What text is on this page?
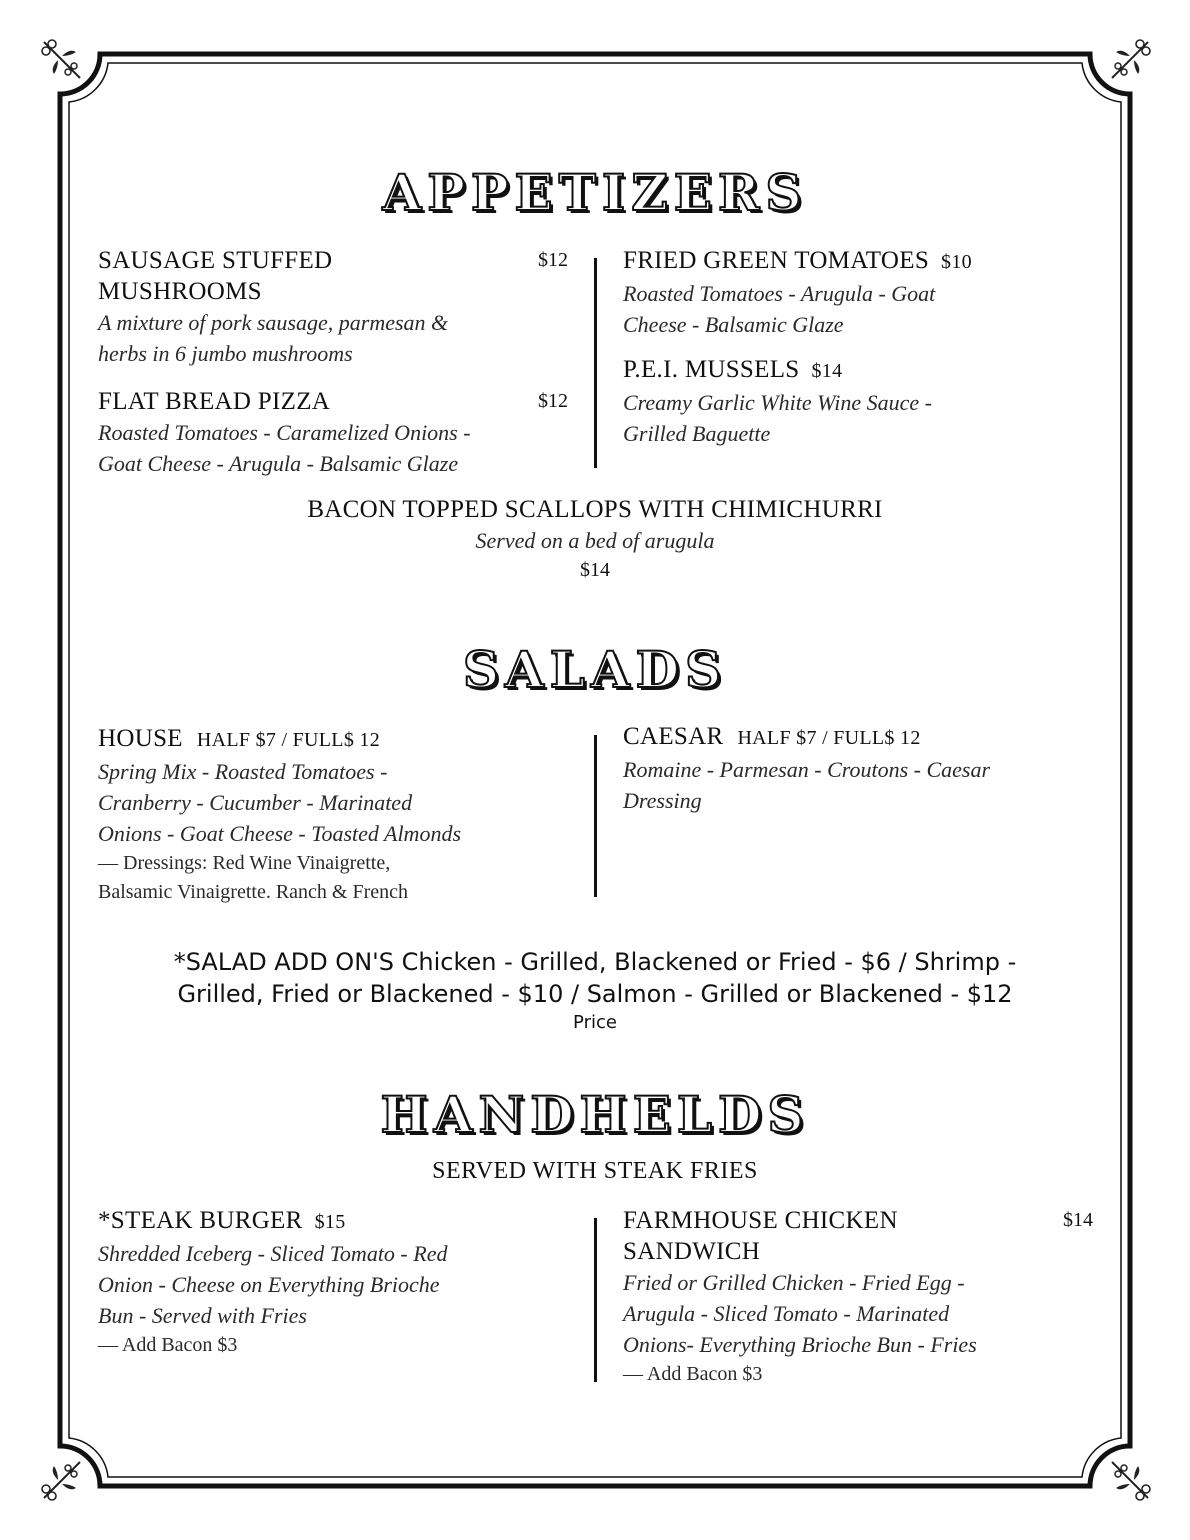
APPETIZERS
SAUSAGE STUFFED	$12
MUSHROOMS
A mixture of pork sausage, parmesan &
herbs in 6 jumbo mushrooms
FLAT BREAD PIZZA	$12
Roasted Tomatoes - Caramelized Onions -
Goat Cheese - Arugula - Balsamic Glaze
FRIED GREEN TOMATOES $10
Roasted Tomatoes - Arugula - Goat
Cheese - Balsamic Glaze
P.E.I. MUSSELS $14
Creamy Garlic White Wine Sauce -
Grilled Baguette
BACON TOPPED SCALLOPS WITH CHIMICHURRI
Served on a bed of arugula
$14
SALADS
HOUSE HALF $7 / FULL$ 12
Spring Mix - Roasted Tomatoes -
Cranberry - Cucumber - Marinated
Onions - Goat Cheese - Toasted Almonds
— Dressings: Red Wine Vinaigrette,
Balsamic Vinaigrette. Ranch & French
CAESAR HALF $7 / FULL$ 12
Romaine - Parmesan - Croutons - Caesar
Dressing
*SALAD ADD ON'S Chicken - Grilled, Blackened or Fried - $6 / Shrimp -
Grilled, Fried or Blackened - $10 / Salmon - Grilled or Blackened - $12
Price
HANDHELDS
SERVED WITH STEAK FRIES
*STEAK BURGER $15
Shredded Iceberg - Sliced Tomato - Red
Onion - Cheese on Everything Brioche
Bun - Served with Fries
— Add Bacon $3
FARMHOUSE CHICKEN	$14
SANDWICH
Fried or Grilled Chicken - Fried Egg -
Arugula - Sliced Tomato - Marinated
Onions- Everything Brioche Bun - Fries
— Add Bacon $3
